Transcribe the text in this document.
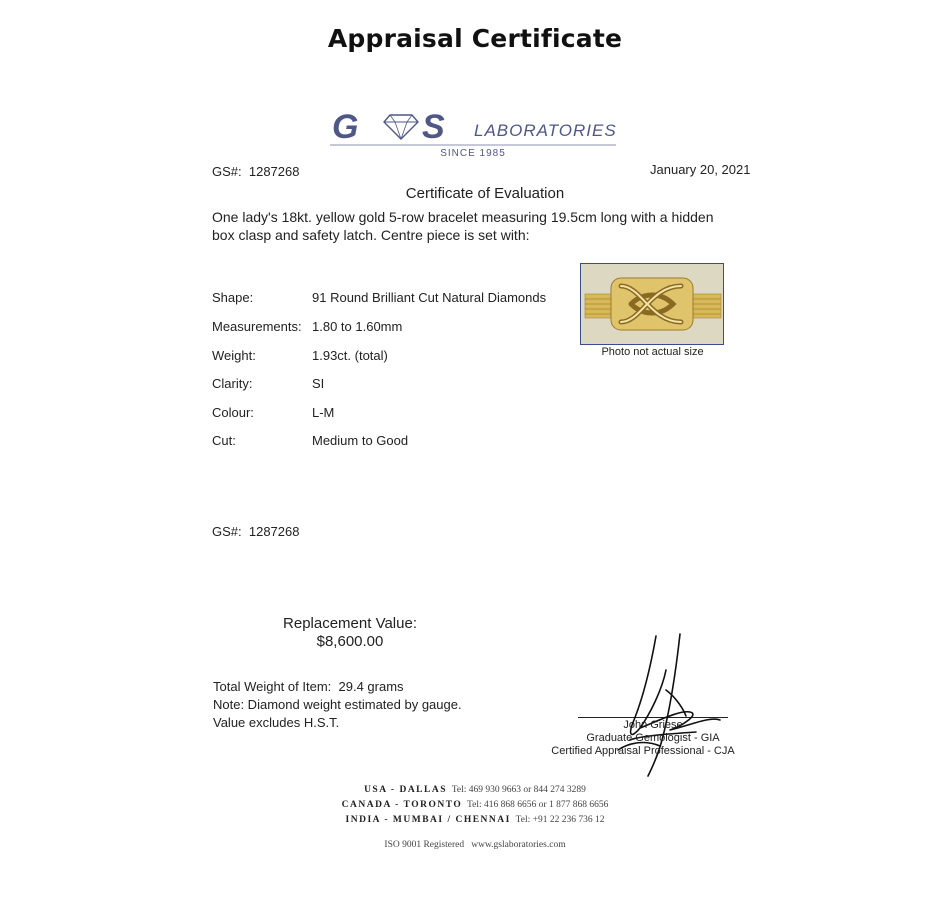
Appraisal Certificate
G S LABORATORIES
SINCE 1985
GS#: 1287268	January 20, 2021
Certificate of Evaluation
One lady's 18kt. yellow gold 5-row bracelet measuring 19.5cm long with a hidden
box clasp and safety latch. Centre piece is set with:
Shape:	91 Round Brilliant Cut Natural Diamonds
Measurements: 1.80 to 1.60mm
Weight:	1.93ct. (total)
Clarity:	SI
Colour:	L-M
Cut:	Medium to Good
Photo not actual size
GS#: 1287268
Replacement Value:
$8,600.00
Total Weight of Item: 29.4 grams
Note: Diamond weight estimated by gauge.
Value excludes H.S.T.	John Griese
Graduate Gemologist - GIA
Certified Appraisal Professional - CJA
USA - DALLAS Tel: 469 930 9663 or 844 274 3289
CANADA - TORONTO Tel: 416 868 6656 or 1 877 868 6656
INDIA - MUMBAI / CHENNAI Tel: +91 22 236 736 12
ISO 9001 Registered www.gslaboratories.com
